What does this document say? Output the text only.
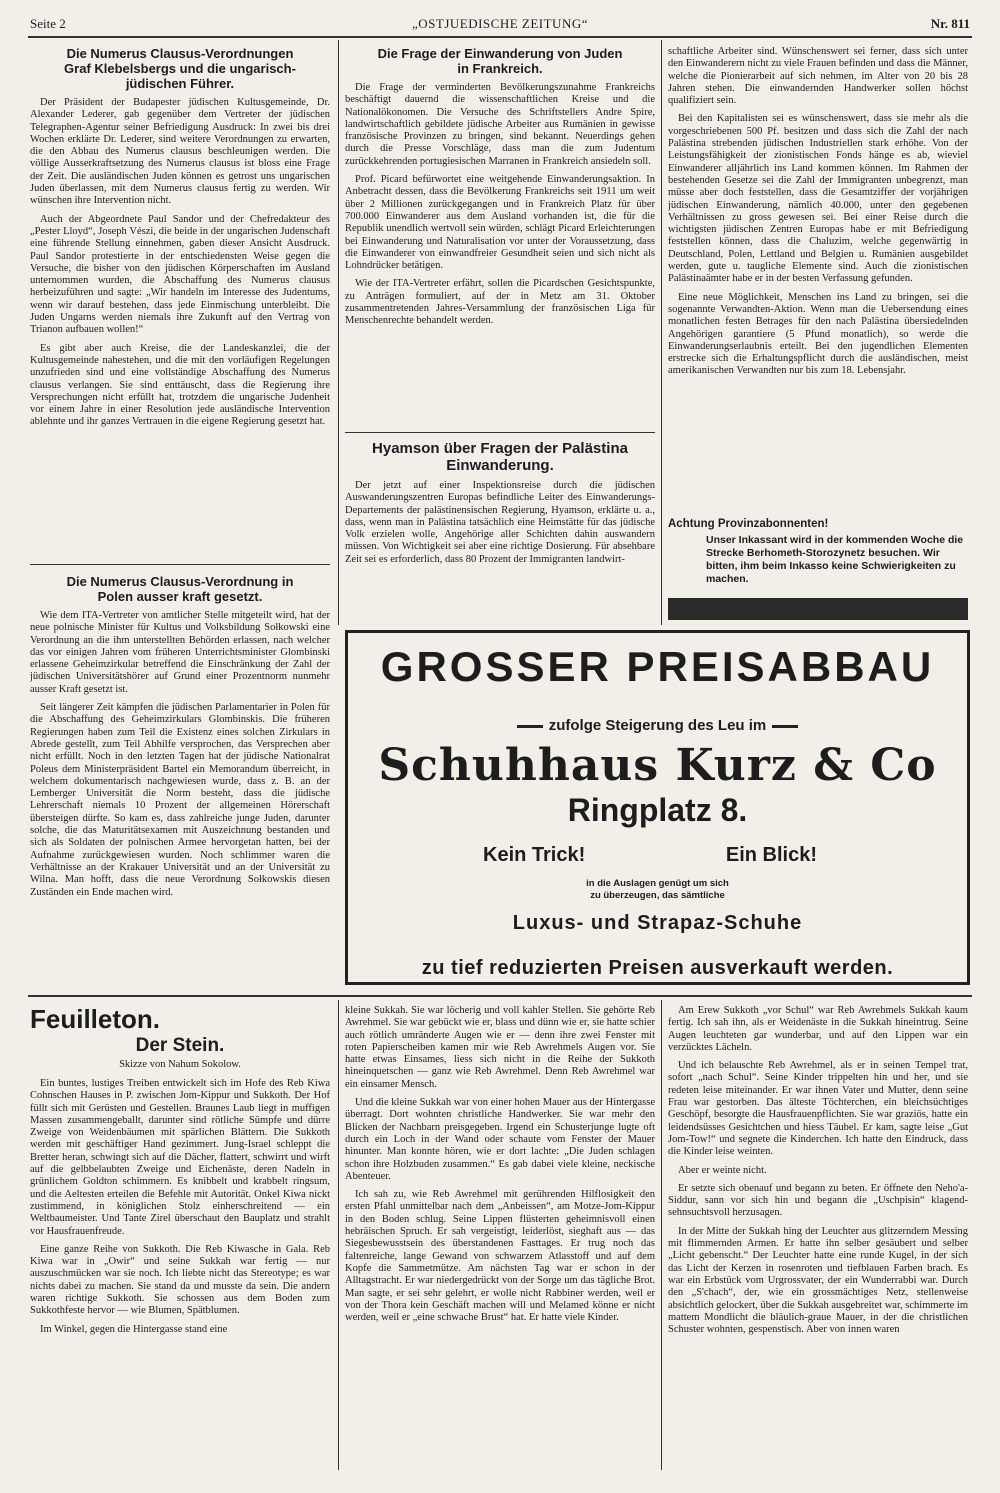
Seite 2	„OSTJUEDISCHE ZEITUNG“	Nr. 811
Die Numerus Clausus-Verordnungen
Graf Klebelsbergs und die ungarisch-
jüdischen Führer.

Der Präsident der Budapester jüdischen Kultusgemeinde, Dr. Alexander Lederer, gab gegenüber dem Vertreter der jüdischen Telegraphen-Agentur seiner Befriedigung Ausdruck: In zwei bis drei Wochen erklärte Dr. Lederer, sind weitere Verordnungen zu erwarten, die den Abbau des Numerus clausus beschleunigen werden. Die völlige Ausserkraftsetzung des Numerus clausus ist bloss eine Frage der Zeit. Die ausländischen Juden können es getrost uns ungarischen Juden überlassen, mit dem Numerus clausus fertig zu werden. Wir wünschen ihre Intervention nicht.

Auch der Abgeordnete Paul Sandor und der Chefredakteur des „Pester Lloyd“, Joseph Vészi, die beide in der ungarischen Judenschaft eine führende Stellung einnehmen, gaben dieser Ansicht Ausdruck. Paul Sandor protestierte in der entschiedensten Weise gegen die Versuche, die bisher von den jüdischen Körperschaften im Ausland unternommen wurden, die Abschaffung des Numerus clausus herbeizuführen und sagte: „Wir handeln im Interesse des Judentums, wenn wir darauf bestehen, dass jede Einmischung unterbleibt. Die Juden Ungarns werden niemals ihre Zukunft auf den Vertrag von Trianon aufbauen wollen!“

Es gibt aber auch Kreise, die der Landeskanzlei, die der Kultusgemeinde nahestehen, und die mit den vorläufigen Regelungen unzufrieden sind und eine vollständige Abschaffung des Numerus clausus verlangen. Sie sind enttäuscht, dass die Regierung ihre Versprechungen nicht erfüllt hat, trotzdem die ungarische Judenheit vor einem Jahre in einer Resolution jede ausländische Intervention ablehnte und ihr ganzes Vertrauen in die eigene Regierung gesetzt hat.

Die Numerus Clausus-Verordnung in
Polen ausser kraft gesetzt.

Wie dem ITA-Vertreter von amtlicher Stelle mitgeteilt wird, hat der neue polnische Minister für Kultus und Volksbildung Sołkowski eine Verordnung an die ihm unterstellten Behörden erlassen, nach welcher das vor einigen Jahren vom früheren Unterrichtsminister Glombinski erlassene Geheimzirkular betreffend die Einschränkung der Zahl der jüdischen Universitätshörer auf Grund einer Prozentnorm nunmehr ausser Kraft gesetzt ist.

Seit längerer Zeit kämpfen die jüdischen Parlamentarier in Polen für die Abschaffung des Geheimzirkulars Glombinskis. Die früheren Regierungen haben zum Teil die Existenz eines solchen Zirkulars in Abrede gestellt, zum Teil Abhilfe versprochen, das Versprechen aber nicht erfüllt. Noch in den letzten Tagen hat der jüdische Nationalrat Poleus dem Ministerpräsident Bartel ein Memorandum überreicht, in welchem dokumentarisch nachgewiesen wurde, dass z. B. an der Lemberger Universität die Norm besteht, dass die jüdische Lehrerschaft niemals 10 Prozent der allgemeinen Hörerschaft übersteigen dürfte. So kam es, dass zahlreiche junge Juden, darunter solche, die das Maturitätsexamen mit Auszeichnung bestanden und sich als Soldaten der polnischen Armee hervorgetan hatten, bei der Aufnahme zurückgewiesen wurden. Noch schlimmer waren die Verhältnisse an der Krakauer Universität und an der Universität zu Wilna. Man hofft, dass die neue Verordnung Sołkowskis diesen Zuständen ein Ende machen wird.

Die Frage der Einwanderung von Juden
in Frankreich.

Die Frage der verminderten Bevölkerungszunahme Frankreichs beschäftigt dauernd die wissenschaftlichen Kreise und die Nationalökonomen. Die Versuche des Schriftstellers Andre Spire, landwirtschaftlich gebildete jüdische Arbeiter aus Rumänien in gewisse französische Provinzen zu bringen, sind bekannt. Neuerdings gehen durch die Presse Vorschläge, dass man die zum Judentum zurückkehrenden portugiesischen Marranen in Frankreich ansiedeln soll.

Prof. Picard befürwortet eine weitgehende Einwanderungsaktion. In Anbetracht dessen, dass die Bevölkerung Frankreichs seit 1911 um weit über 2 Millionen zurückgegangen und in Frankreich Platz für über 700.000 Einwanderer aus dem Ausland vorhanden ist, die für die Republik unendlich wertvoll sein würden, schlägt Picard Erleichterungen bei Einwanderung und Naturalisation vor unter der Voraussetzung, dass die Einwanderer von einwandfreier Gesundheit seien und sich nicht als Lohndrücker betätigen.

Wie der ITA-Vertreter erfährt, sollen die Picardschen Gesichtspunkte, zu Anträgen formuliert, auf der in Metz am 31. Oktober zusammentretenden Jahres-Versammlung der französischen Liga für Menschenrechte behandelt werden.

Hyamson über Fragen der Palästina
Einwanderung.

Der jetzt auf einer Inspektionsreise durch die jüdischen Auswanderungszentren Europas befindliche Leiter des Einwanderungs-Departements der palästinensischen Regierung, Hyamson, erklärte u. a., dass, wenn man in Palästina tatsächlich eine Heimstätte für das jüdische Volk erzielen wolle, Angehörige aller Schichten dahin auswandern müssen. Von Wichtigkeit sei aber eine richtige Dosierung. Für absehbare Zeit sei es erforderlich, dass 80 Prozent der Immigranten landwirt-

schaftliche Arbeiter sind. Wünschenswert sei ferner, dass sich unter den Einwanderern nicht zu viele Frauen befinden und dass die Männer, welche die Pionierarbeit auf sich nehmen, im Alter von 20 bis 28 Jahren stehen. Die einwandernden Handwerker sollen höchst qualifiziert sein.

Bei den Kapitalisten sei es wünschenswert, dass sie mehr als die vorgeschriebenen 500 Pf. besitzen und dass sich die Zahl der nach Palästina strebenden jüdischen Industriellen stark erhöhe. Von der Leistungsfähigkeit der zionistischen Fonds hänge es ab, wieviel Einwanderer alljährlich ins Land kommen können. Im Rahmen der bestehenden Gesetze sei die Zahl der Immigranten unbegrenzt, man müsse aber doch feststellen, dass die Gesamtziffer der vorjährigen jüdischen Einwanderung, nämlich 40.000, unter den gegebenen Verhältnissen zu gross gewesen sei. Bei einer Reise durch die wichtigsten jüdischen Zentren Europas habe er mit Befriedigung feststellen können, dass die Chaluzim, welche gegenwärtig in Deutschland, Polen, Lettland und Belgien u. Rumänien ausgebildet werden, gute u. taugliche Elemente sind. Auch die zionistischen Palästinaämter habe er in der besten Verfassung gefunden.

Eine neue Möglichkeit, Menschen ins Land zu bringen, sei die sogenannte Verwandten-Aktion. Wenn man die Uebersendung eines monatlichen festen Betrages für den nach Palästina übersiedelnden Angehörigen garantiere (5 Pfund monatlich), so werde die Einwanderungserlaubnis erteilt. Bei den jugendlichen Elementen erstrecke sich die Erhaltungspflicht durch die ausländischen, meist amerikanischen Verwandten nur bis zum 18. Lebensjahr.

Achtung Provinzabonnenten!
Unser Inkassant wird in der kommenden Woche die Strecke Berhometh-Storozynetz besuchen. Wir bitten, ihm beim Inkasso keine Schwierigkeiten zu machen.
GROSSER PREISABBAU
zufolge Steigerung des Leu im
Schuhhaus Kurz & Co
Ringplatz 8.
Kein Trick!	Ein Blick!
in die Auslagen genügt um sich
zu überzeugen, das sämtliche
Luxus- und Strapaz-Schuhe
zu tief reduzierten Preisen ausverkauft werden.
Feuilleton.
Der Stein.
Skizze von Nahum Sokolow.

Ein buntes, lustiges Treiben entwickelt sich im Hofe des Reb Kiwa Cohnschen Hauses in P. zwischen Jom-Kippur und Sukkoth. Der Hof füllt sich mit Gerüsten und Gestellen. Braunes Laub liegt in muffigen Massen zusammengeballt, darunter sind rötliche Sümpfe und dürre Zweige von Weidenbäumen mit spärlichen Blättern. Die Sukkoth werden mit geschäftiger Hand gezimmert. Jung-Israel schleppt die Bretter heran, schwingt sich auf die Dächer, flattert, schwirrt und wirft auf die gelbbelaubten Zweige und Eichenäste, deren Nadeln in grünlichem Goldton schimmern. Es knibbelt und krabbelt ringsum, und die Aeltesten erteilen die Befehle mit Autorität. Onkel Kiwa nickt zustimmend, in königlichen Stolz einherschreitend — ein Weltbaumeister. Und Tante Zirel überschaut den Bauplatz und strahlt vor Hausfrauenfreude.

Eine ganze Reihe von Sukkoth. Die Reb Kiwasche in Gala. Reb Kiwa war in „Owir“ und seine Sukkah war fertig — nur auszuschmücken war sie noch. Ich liebte nicht das Stereotype; es war nichts dabei zu machen. Sie stand da und musste da sein. Die andern waren richtige Sukkoth. Sie schossen aus dem Boden zum Sukkothfeste hervor — wie Blumen, Spätblumen.

Im Winkel, gegen die Hintergasse stand eine

kleine Sukkah. Sie war löcherig und voll kahler Stellen. Sie gehörte Reb Awrehmel. Sie war gebückt wie er, blass und dünn wie er, sie hatte schier auch rötlich umränderte Augen wie er — denn ihre zwei Fenster mit roten Papierscheiben kamen mir wie Reb Awrehmels Augen vor. Sie hatte etwas Einsames, liess sich nicht in die Reihe der Sukkoth hineinquetschen — ganz wie Reb Awrehmel. Denn Reb Awrehmel war ein einsamer Mensch.

Und die kleine Sukkah war von einer hohen Mauer aus der Hintergasse überragt. Dort wohnten christliche Handwerker. Sie war mehr den Blicken der Nachbarn preisgegeben. Irgend ein Schusterjunge lugte oft durch ein Loch in der Wand oder schaute vom Fenster der Mauer hinunter. Man konnte hören, wie er dort lachte: „Die Juden schlagen schon ihre Holzbuden zusammen.“ Es gab dabei viele kleine, neckische Abenteuer.

Ich sah zu, wie Reb Awrehmel mit gerührenden Hilflosigkeit den ersten Pfahl unmittelbar nach dem „Anbeissen“, am Motze-Jom-Kippur in den Boden schlug. Seine Lippen flüsterten geheimnisvoll einen hebräischen Spruch. Er sah vergeistigt, leiderlöst, sieghaft aus — das Siegesbewusstsein des überstandenen Fasttages. Er trug noch das faltenreiche, lange Gewand von schwarzem Atlasstoff und auf dem Kopfe die Sammetmütze. Am nächsten Tag war er schon in der Alltagstracht. Er war niedergedrückt von der Sorge um das tägliche Brot. Man sagte, er sei sehr gelehrt, er wolle nicht Rabbiner werden, weil er von der Thora kein Geschäft machen will und Melamed könne er nicht werden, weil er „eine schwache Brust“ hat. Er hatte viele Kinder.

Am Erew Sukkoth „vor Schul“ war Reb Awrehmels Sukkah kaum fertig. Ich sah ihn, als er Weidenäste in die Sukkah hineintrug. Seine Augen leuchteten gar wunderbar, und auf den Lippen war ein verzücktes Lächeln.

Und ich belauschte Reb Awrehmel, als er in seinen Tempel trat, sofort „nach Schul“. Seine Kinder trippelten hin und her, und sie redeten leise miteinander. Er war ihnen Vater und Mutter, denn seine Frau war gestorben. Das älteste Töchterchen, ein bleichsüchtiges Geschöpf, besorgte die Hausfrauenpflichten. Sie war graziös, hatte ein leidendsüsses Gesichtchen und hiess Täubel. Er kam, sagte leise „Gut Jom-Tow!“ und segnete die Kinderchen. Ich hatte den Eindruck, dass die Kinder leise weinten.

Aber er weinte nicht.

Er setzte sich obenauf und begann zu beten. Er öffnete den Neho'a-Siddur, sann vor sich hin und begann die „Uschpisin“ klagend-sehnsuchtsvoll herzusagen.

In der Mitte der Sukkah hing der Leuchter aus glitzerndem Messing mit flimmernden Armen. Er hatte ihn selber gesäubert und selber „Licht gebenscht.“ Der Leuchter hatte eine runde Kugel, in der sich das Licht der Kerzen in rosenroten und tiefblauen Farben brach. Es war ein Erbstück vom Urgrossvater, der ein Wunderrabbi war. Durch den „S'chach“, der, wie ein grossmächtiges Netz, stellenweise absichtlich gelockert, über die Sukkah ausgebreitet war, schimmerte im mattem Mondlicht die bläulich-graue Mauer, in der die christlichen Schuster wohnten, gespenstisch. Aber von innen waren
